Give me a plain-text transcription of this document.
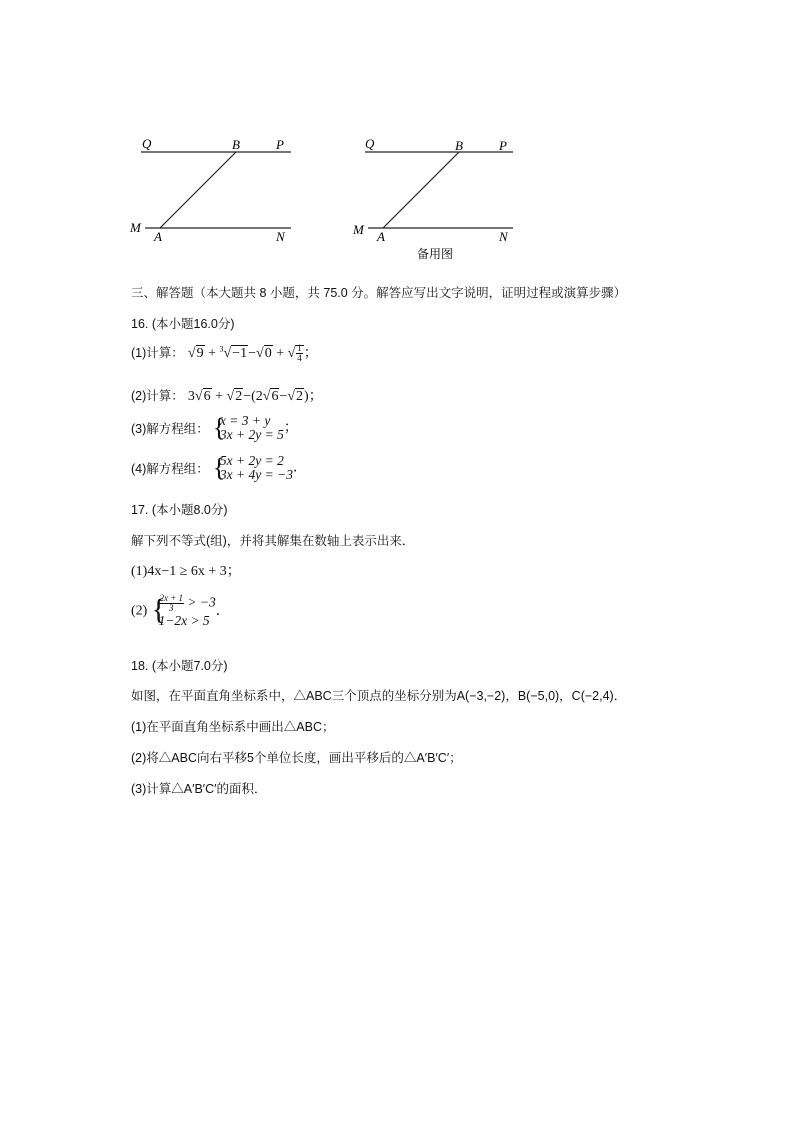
Q	B	P
M
A	N
Q	B	P
M A	N
备用图
三、解答题（本大题共 8 小题，共 75.0 分。解答应写出文字说明，证明过程或演算步骤）
16. (本小题16.0分)
(1)计算： √9 + $^3$√−1−√0 + √ $\frac{1}{4}$ ；
(2)计算： 3√6 + √2−(2√6−√2)；
(3)解方程组： {
x = 3 + y
3x + 2y = 5 ；
(4)解方程组： {
5x + 2y = 2
3x + 4y = −3 ．
17. (本小题8.0分)
解下列不等式(组)，并将其解集在数轴上表示出来．
(1)4x−1 ≥ 6x + 3；
(2) {
$\frac{2x + 1}{3} > -3$
1−2x > 5
．
18. (本小题7.0分)
如图，在平面直角坐标系中，△ABC三个顶点的坐标分别为A(−3,−2)，B(−5,0)，C(−2,4)．
(1)在平面直角坐标系中画出△ABC；
(2)将△ABC向右平移5个单位长度，画出平移后的△A′B′C′；
(3)计算△A′B′C′的面积．
